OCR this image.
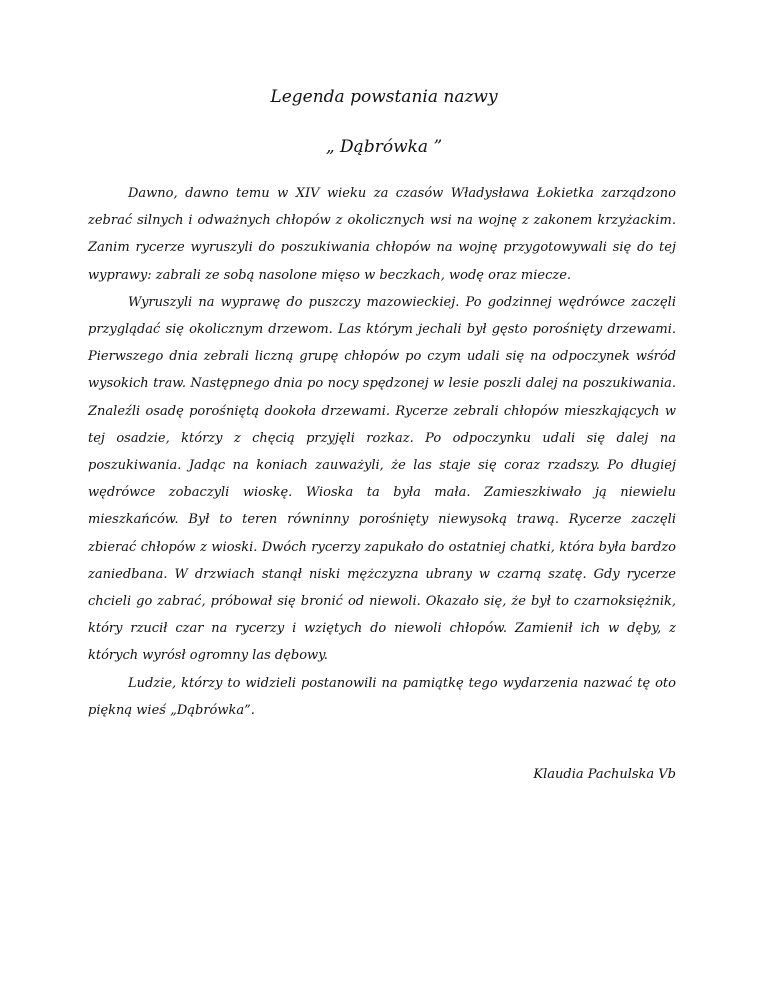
Legenda powstania nazwy
„ Dąbrówka ”

Dawno, dawno temu w XIV wieku za czasów Władysława Łokietka zarządzono zebrać silnych i odważnych chłopów z okolicznych wsi na wojnę z zakonem krzyżackim. Zanim rycerze wyruszyli do poszukiwania chłopów na wojnę przygotowywali się do tej wyprawy: zabrali ze sobą nasolone mięso w beczkach, wodę oraz miecze.

Wyruszyli na wyprawę do puszczy mazowieckiej. Po godzinnej wędrówce zaczęli przyglądać się okolicznym drzewom. Las którym jechali był gęsto porośnięty drzewami. Pierwszego dnia zebrali liczną grupę chłopów po czym udali się na odpoczynek wśród wysokich traw. Następnego dnia po nocy spędzonej w lesie poszli dalej na poszukiwania. Znaleźli osadę porośniętą dookoła drzewami. Rycerze zebrali chłopów mieszkających w tej osadzie, którzy z chęcią przyjęli rozkaz. Po odpoczynku udali się dalej na poszukiwania. Jadąc na koniach zauważyli, że las staje się coraz rzadszy. Po długiej wędrówce zobaczyli wioskę. Wioska ta była mała. Zamieszkiwało ją niewielu mieszkańców. Był to teren równinny porośnięty niewysoką trawą. Rycerze zaczęli zbierać chłopów z wioski. Dwóch rycerzy zapukało do ostatniej chatki, która była bardzo zaniedbana. W drzwiach stanął niski mężczyzna ubrany w czarną szatę. Gdy rycerze chcieli go zabrać, próbował się bronić od niewoli. Okazało się, że był to czarnoksiężnik, który rzucił czar na rycerzy i wziętych do niewoli chłopów. Zamienił ich w dęby, z których wyrósł ogromny las dębowy.

Ludzie, którzy to widzieli postanowili na pamiątkę tego wydarzenia nazwać tę oto piękną wieś „Dąbrówka”.

Klaudia Pachulska Vb
